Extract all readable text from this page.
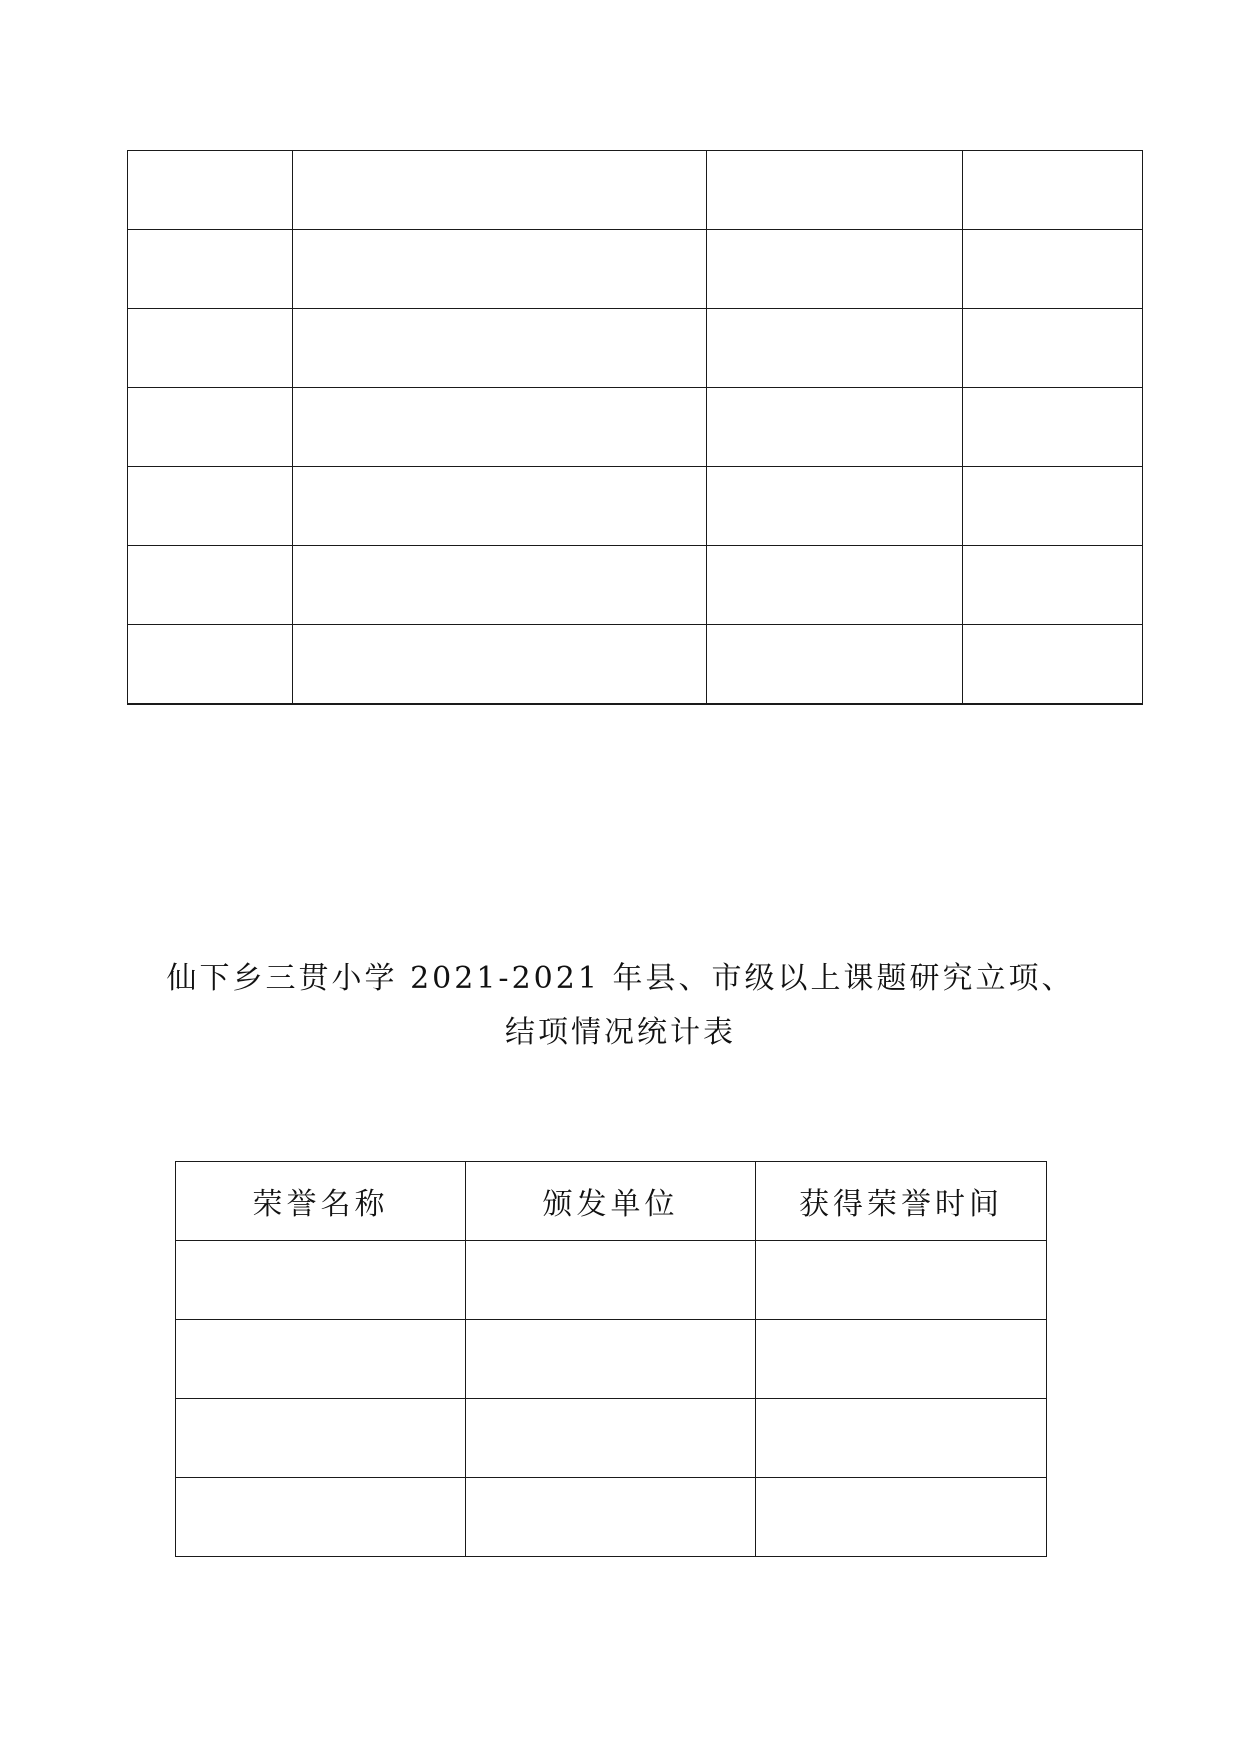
仙下乡三贯小学 2021-2021 年县、市级以上课题研究立项、
结项情况统计表
荣誉名称	颁发单位	获得荣誉时间
